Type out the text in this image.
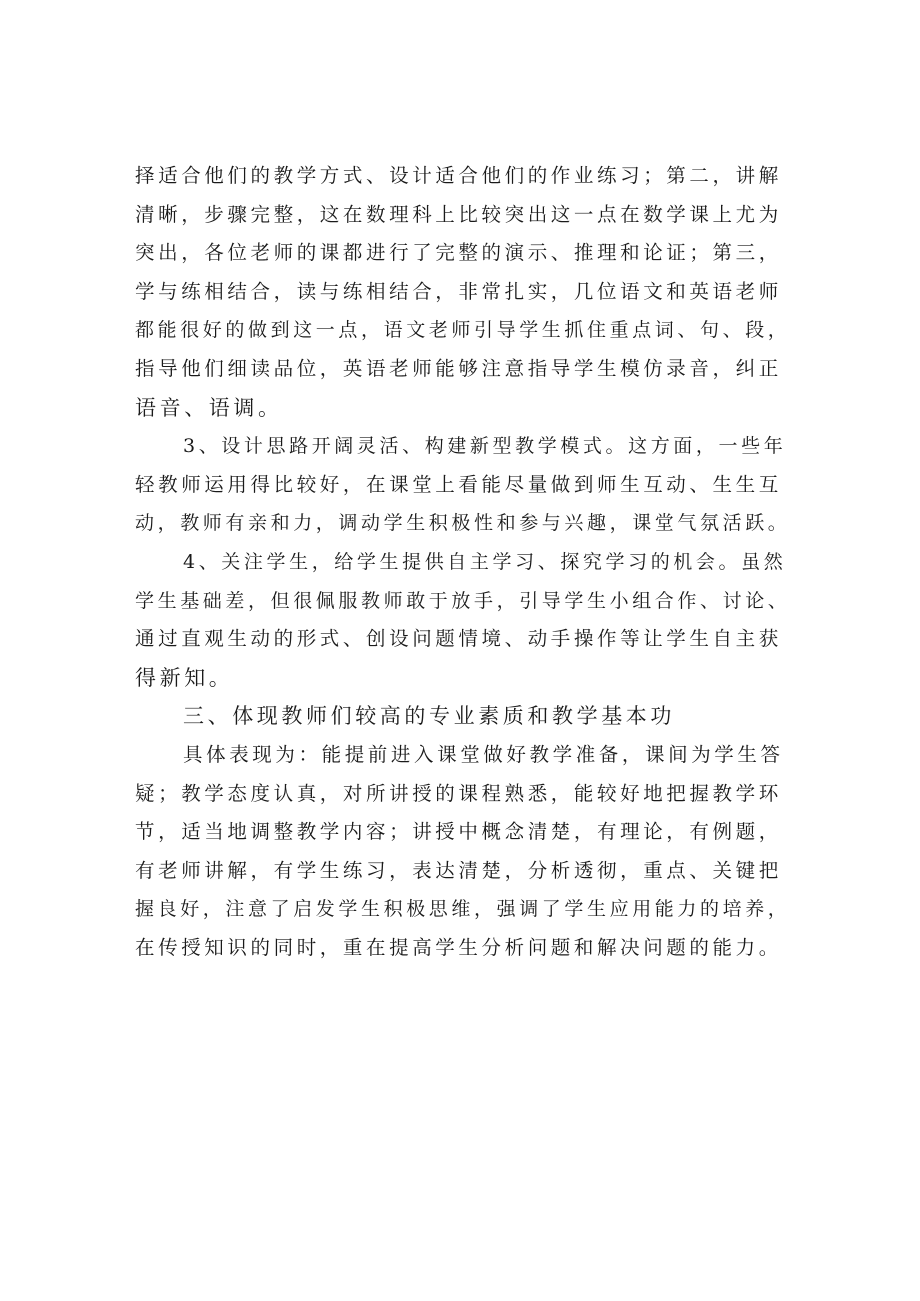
择适合他们的教学方式、设计适合他们的作业练习；第二，讲解
清晰，步骤完整，这在数理科上比较突出这一点在数学课上尤为
突出，各位老师的课都进行了完整的演示、推理和论证；第三，
学与练相结合，读与练相结合，非常扎实，几位语文和英语老师
都能很好的做到这一点，语文老师引导学生抓住重点词、句、段，
指导他们细读品位，英语老师能够注意指导学生模仿录音，纠正
语音、语调。
3、设计思路开阔灵活、构建新型教学模式。这方面，一些年
轻教师运用得比较好，在课堂上看能尽量做到师生互动、生生互
动，教师有亲和力，调动学生积极性和参与兴趣，课堂气氛活跃。
4、关注学生，给学生提供自主学习、探究学习的机会。虽然
学生基础差，但很佩服教师敢于放手，引导学生小组合作、讨论、
通过直观生动的形式、创设问题情境、动手操作等让学生自主获
得新知。
三、体现教师们较高的专业素质和教学基本功
具体表现为：能提前进入课堂做好教学准备，课间为学生答
疑；教学态度认真，对所讲授的课程熟悉，能较好地把握教学环
节，适当地调整教学内容；讲授中概念清楚，有理论，有例题，
有老师讲解，有学生练习，表达清楚，分析透彻，重点、关键把
握良好，注意了启发学生积极思维，强调了学生应用能力的培养，
在传授知识的同时，重在提高学生分析问题和解决问题的能力。
